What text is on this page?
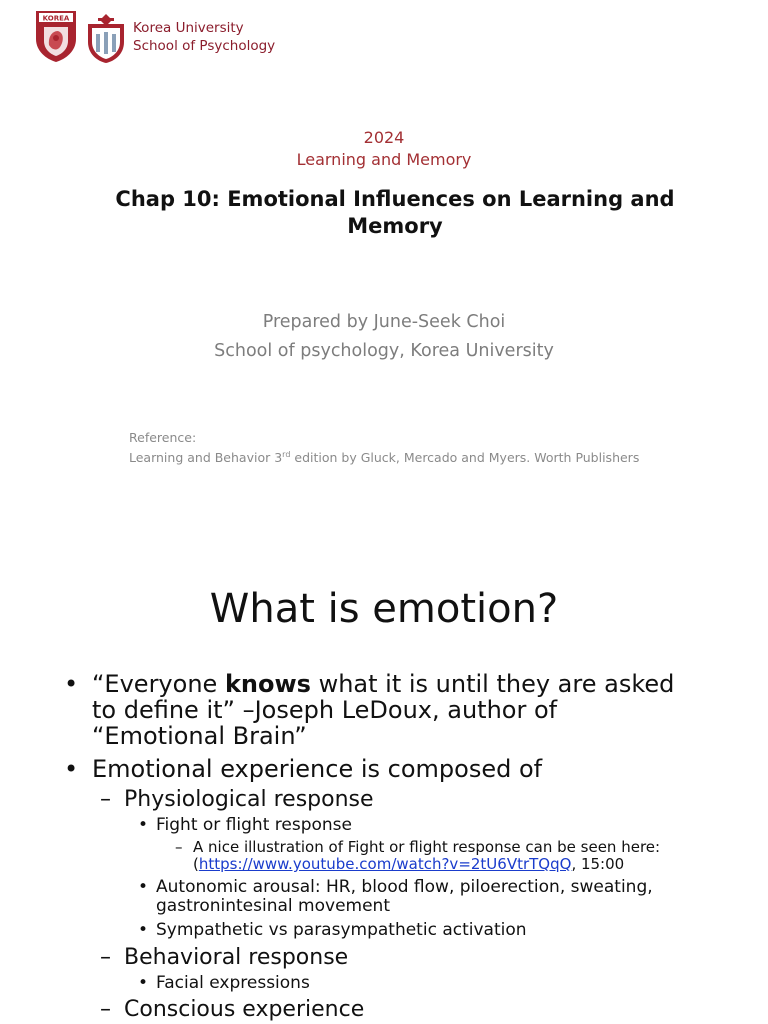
KOREA
Korea University
School of Psychology
2024
Learning and Memory
Chap 10: Emotional Influences on Learning and
Memory
Prepared by June-Seek Choi
School of psychology, Korea University
Reference:
Learning and Behavior 3rd edition by Gluck, Mercado and Myers. Worth Publishers
What is emotion?
• “Everyone knows what it is until they are asked
to define it” –Joseph LeDoux, author of
“Emotional Brain”
• Emotional experience is composed of
– Physiological response
• Fight or flight response
– A nice illustration of Fight or flight response can be seen here:
(https://www.youtube.com/watch?v=2tU6VtrTQqQ, 15:00
• Autonomic arousal: HR, blood flow, piloerection, sweating,
gastronintesinal movement
• Sympathetic vs parasympathetic activation
– Behavioral response
• Facial expressions
– Conscious experience
